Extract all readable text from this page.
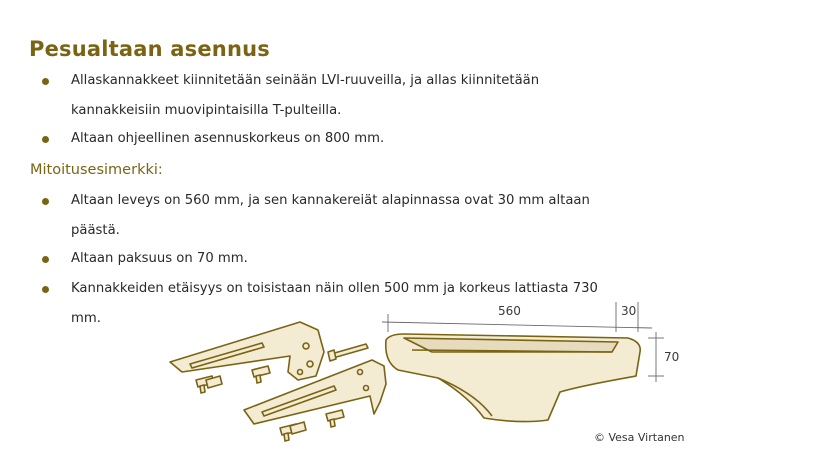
Pesualtaan asennus
Allaskannakkeet kiinnitetään seinään LVI-ruuveilla, ja allas kiinnitetään
kannakkeisiin muovipintaisilla T-pulteilla.
Altaan ohjeellinen asennuskorkeus on 800 mm.
Mitoitusesimerkki:
Altaan leveys on 560 mm, ja sen kannakereiät alapinnassa ovat 30 mm altaan
päästä.
Altaan paksuus on 70 mm.
Kannakkeiden etäisyys on toisistaan näin ollen 500 mm ja korkeus lattiasta 730
mm.	560	30
70
© Vesa Virtanen
